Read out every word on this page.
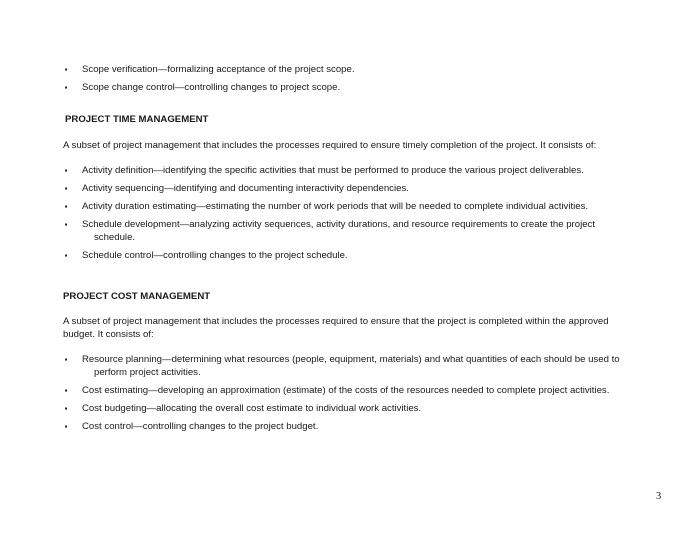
▪ Scope verification—formalizing acceptance of the project scope.
▪ Scope change control—controlling changes to project scope.
PROJECT TIME MANAGEMENT
A subset of project management that includes the processes required to ensure timely completion of the project. It consists of:
▪ Activity definition—identifying the specific activities that must be performed to produce the various project deliverables.
▪ Activity sequencing—identifying and documenting interactivity dependencies.
▪ Activity duration estimating—estimating the number of work periods that will be needed to complete individual activities.
▪ Schedule development—analyzing activity sequences, activity durations, and resource requirements to create the project
schedule.
▪ Schedule control—controlling changes to the project schedule.
PROJECT COST MANAGEMENT
A subset of project management that includes the processes required to ensure that the project is completed within the approved
budget. It consists of:
▪ Resource planning—determining what resources (people, equipment, materials) and what quantities of each should be used to
perform project activities.
▪ Cost estimating—developing an approximation (estimate) of the costs of the resources needed to complete project activities.
▪ Cost budgeting—allocating the overall cost estimate to individual work activities.
▪ Cost control—controlling changes to the project budget.
3
